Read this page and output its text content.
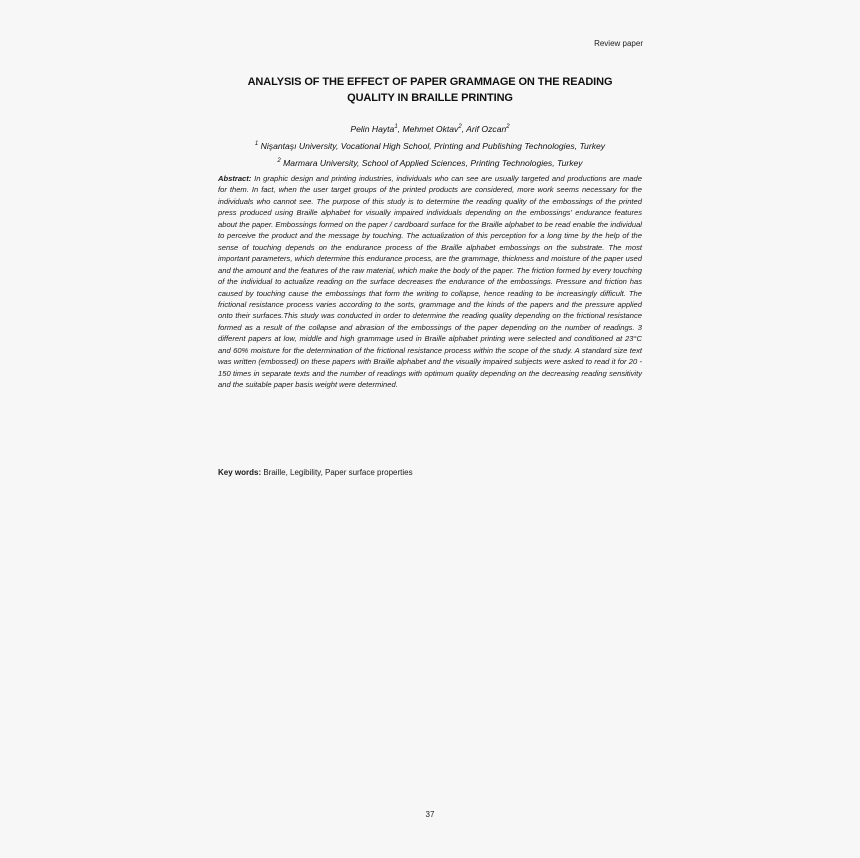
Review paper
ANALYSIS OF THE EFFECT OF PAPER GRAMMAGE ON THE READING
QUALITY IN BRAILLE PRINTING
Pelin Hayta$^1$, Mehmet Oktav$^2$, Arif Ozcan$^2$
$^1$ Nişantaşı University, Vocational High School, Printing and Publishing Technologies, Turkey
$^2$ Marmara University, School of Applied Sciences, Printing Technologies, Turkey
Abstract: In graphic design and printing industries, individuals who can see are usually targeted and productions are made for them. In fact, when the user target groups of the printed products are considered, more work seems necessary for the individuals who cannot see. The purpose of this study is to determine the reading quality of the embossings of the printed press produced using Braille alphabet for visually impaired individuals depending on the embossings' endurance features about the paper. Embossings formed on the paper / cardboard surface for the Braille alphabet to be read enable the individual to perceive the product and the message by touching. The actualization of this perception for a long time by the help of the sense of touching depends on the endurance process of the Braille alphabet embossings on the substrate. The most important parameters, which determine this endurance process, are the grammage, thickness and moisture of the paper used and the amount and the features of the raw material, which make the body of the paper. The friction formed by every touching of the individual to actualize reading on the surface decreases the endurance of the embossings. Pressure and friction has caused by touching cause the embossings that form the writing to collapse, hence reading to be increasingly difficult. The frictional resistance process varies according to the sorts, grammage and the kinds of the papers and the pressure applied onto their surfaces.This study was conducted in order to determine the reading quality depending on the frictional resistance formed as a result of the collapse and abrasion of the embossings of the paper depending on the number of readings. 3 different papers at low, middle and high grammage used in Braille alphabet printing were selected and conditioned at 23°C and 60% moisture for the determination of the frictional resistance process within the scope of the study. A standard size text was written (embossed) on these papers with Braille alphabet and the visually impaired subjects were asked to read it for 20 - 150 times in separate texts and the number of readings with optimum quality depending on the decreasing reading sensitivity and the suitable paper basis weight were determined.
Key words: Braille, Legibility, Paper surface properties
37
